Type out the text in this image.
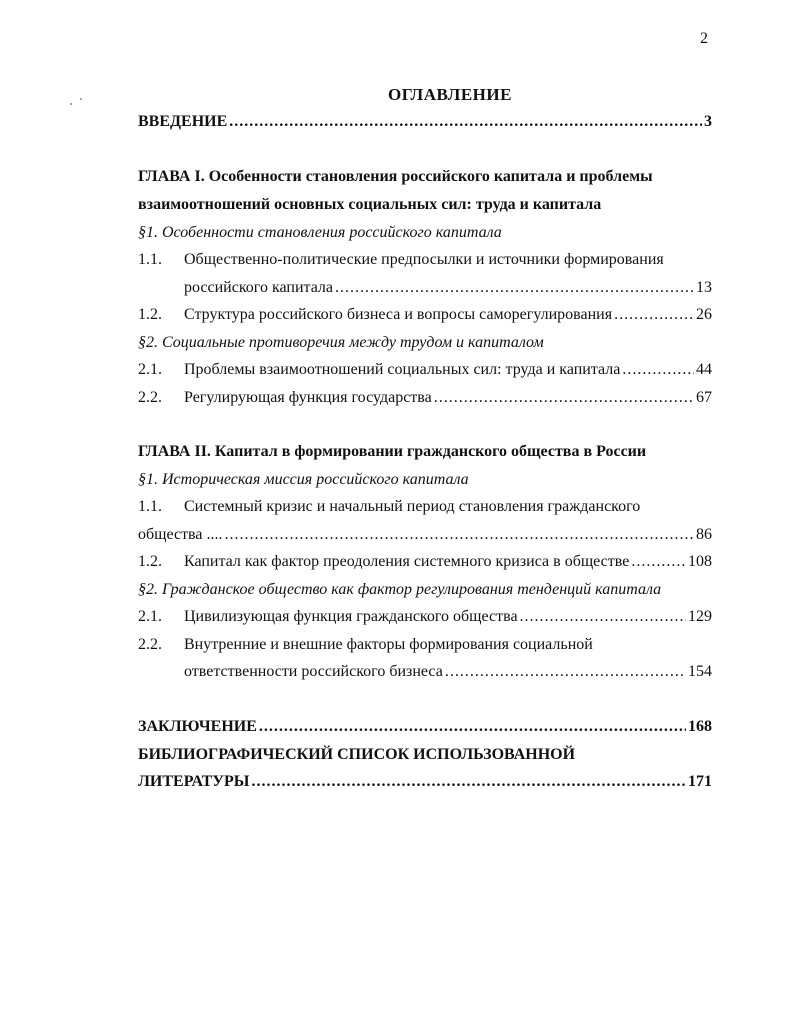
2
ОГЛАВЛЕНИЕ
ВВЕДЕНИЕ .....	3
ГЛАВА I. Особенности становления российского капитала и проблемы
взаимоотношений основных социальных сил: труда и капитала
§1. Особенности становления российского капитала
1.1.	Общественно-политические предпосылки и источники формирования
российского капитала .....	13
1.2.	Структура российского бизнеса и вопросы саморегулирования .....	26
§2. Социальные противоречия между трудом и капиталом
2.1.	Проблемы взаимоотношений социальных сил: труда и капитала .....	44
2.2.	Регулирующая функция государства .....	67
ГЛАВА II. Капитал в формировании гражданского общества в России
§1. Историческая миссия российского капитала
1.1.	Системный кризис и начальный период становления гражданского
общества .... .....	86
1.2.	Капитал как фактор преодоления системного кризиса в обществе .....	108
§2. Гражданское общество как фактор регулирования тенденций капитала
2.1.	Цивилизующая функция гражданского общества .....	129
2.2.	Внутренние и внешние факторы формирования социальной
ответственности российского бизнеса .....	154
ЗАКЛЮЧЕНИЕ .....	168
БИБЛИОГРАФИЧЕСКИЙ СПИСОК ИСПОЛЬЗОВАННОЙ
ЛИТЕРАТУРЫ .....	171
